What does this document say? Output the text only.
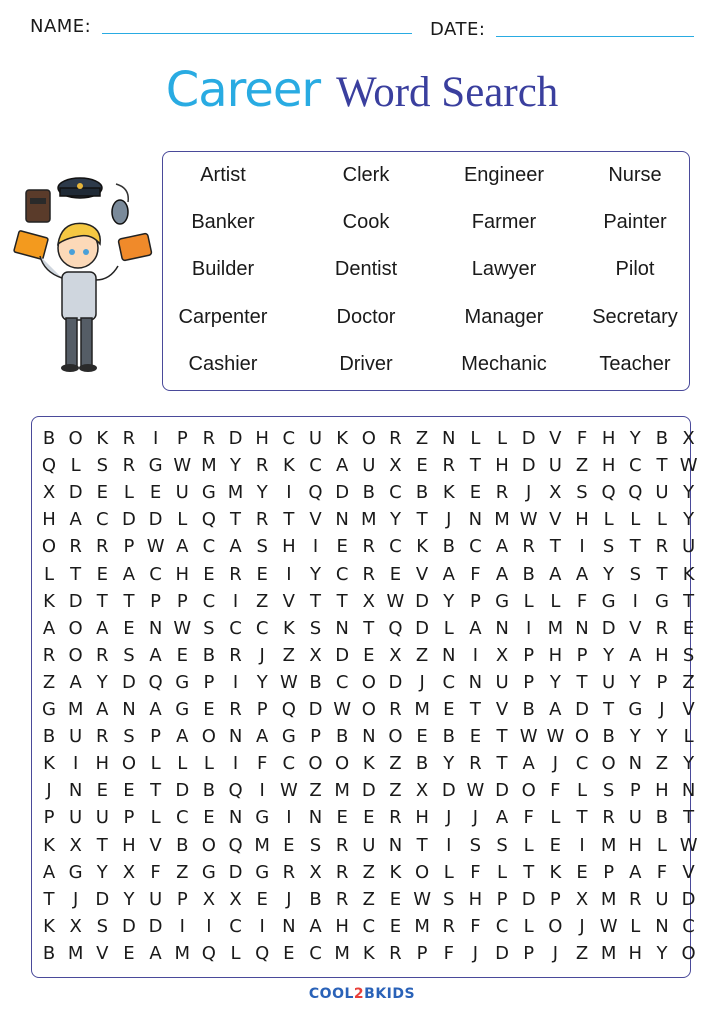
NAME:	DATE:
Career Word Search
Artist	Clerk	Engineer	Nurse
Banker	Cook	Farmer	Painter
Builder	Dentist	Lawyer	Pilot
Carpenter	Doctor	Manager	Secretary
Cashier	Driver	Mechanic	Teacher
B O K R I	P R D H C U K O R Z N L L D V F H Y B X
Q L S R G W M Y R K C A U X E R T H D U Z H C T W
X D E L E U G M Y	I Q D B C B K E R J X S Q Q U Y
H A C D D L Q T R T V N M Y T	J N M W V H L L L Y
O R R P W A C A S H I	E R C K B C A R T	I	S T R U
L T E A C H E R E	I	Y C R E V A F A B A A Y S T K
K D T T P P C I Z V T T X W D Y P G L L F G I G T
A O A E N W S C C K S N T Q D L A N I M N D V R E
R O R S A E B R J Z X D E X Z N I X P H P Y A H S
Z A Y D Q G P	I	Y W B C O D J C N U P Y T U Y P Z
G M A N A G E R P Q D W O R M E T V B A D T G J V
B U R S P A O N A G P B N O E B E T W W O B Y Y L
K	I H O L L L	I	F C O O K Z B Y R T A J C O N Z Y
J N E E T D B Q I W Z M D Z X D W D O F L S P H N
P U U P L C E N G I N E E R H J	J A F L T R U B T
K X T H V B O Q M E S R U N T	I	S S L E	I M H L W
A G Y X F Z G D G R X R Z K O L F L T K E P A F V
T	J D Y U P X X E	J B R Z E W S H P D P X M R U D
K X S D D I	I C I N A H C E M R F C L O J W L N C
B M V E A M Q L Q E C M K R P F	J D P	J Z M H Y O
COOL2BKIDS
